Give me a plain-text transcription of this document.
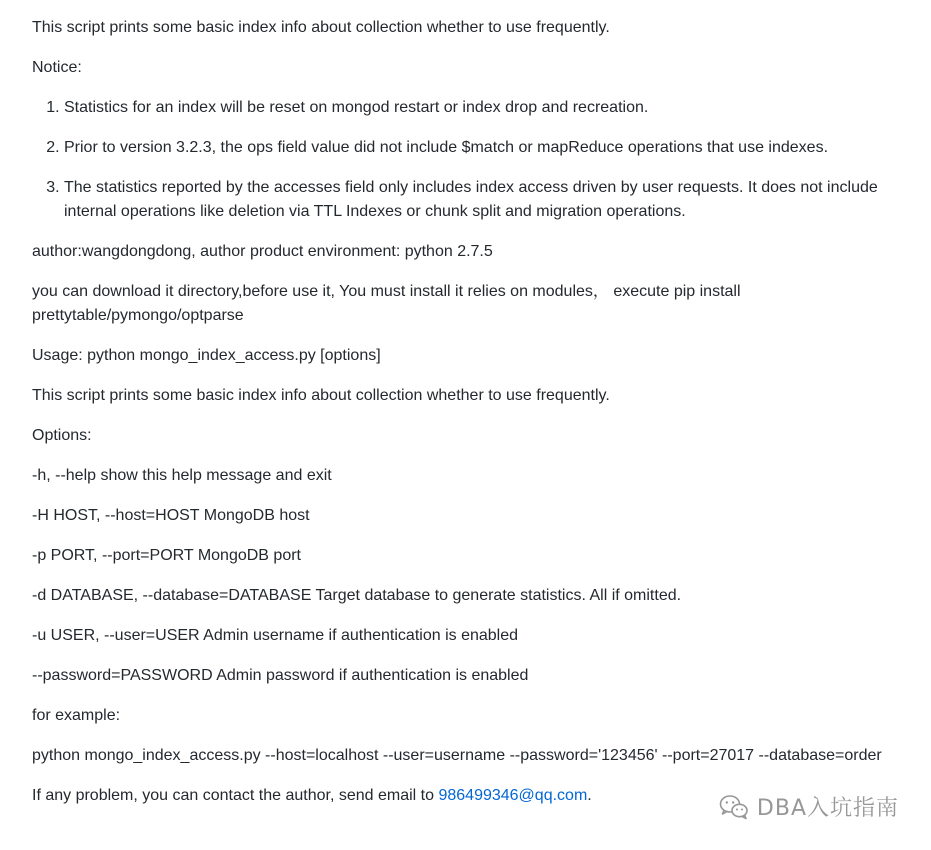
This script prints some basic index info about collection whether to use frequently.

Notice:

1. Statistics for an index will be reset on mongod restart or index drop and recreation.
2. Prior to version 3.2.3, the ops field value did not include $match or mapReduce operations that use indexes.
3. The statistics reported by the accesses field only includes index access driven by user requests. It does not include internal operations like deletion via TTL Indexes or chunk split and migration operations.

author:wangdongdong, author product environment: python 2.7.5

you can download it directory,before use it, You must install it relies on modules， execute pip install prettytable/pymongo/optparse

Usage: python mongo_index_access.py [options]

This script prints some basic index info about collection whether to use frequently.

Options:

-h, --help show this help message and exit

-H HOST, --host=HOST MongoDB host

-p PORT, --port=PORT MongoDB port

-d DATABASE, --database=DATABASE Target database to generate statistics. All if omitted.

-u USER, --user=USER Admin username if authentication is enabled

--password=PASSWORD Admin password if authentication is enabled

for example:

python mongo_index_access.py --host=localhost --user=username --password='123456' --port=27017 --database=order

If any problem, you can contact the author, send email to 986499346@qq.com.

DBA入坑指南
